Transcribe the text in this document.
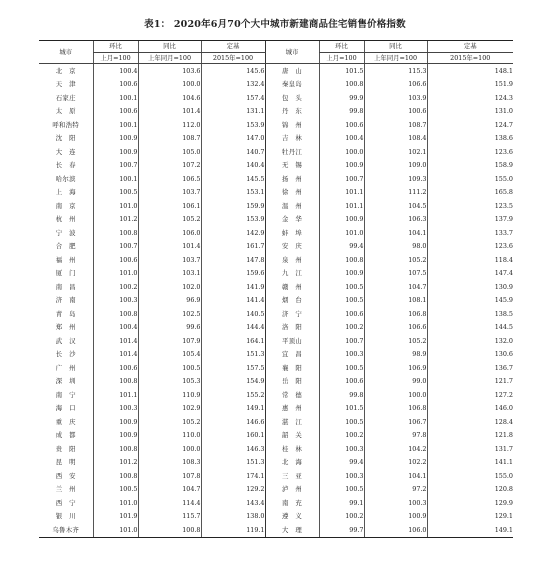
表1： 2020年6月70个大中城市新建商品住宅销售价格指数
城市	环比	同比	定基	城市	环比	同比	定基
	上月=100	上年同月=100	2015年=100		上月=100	上年同月=100	2015年=100
北　京	100.4	103.6	145.6	唐　山	101.5	115.3	148.1
天　津	100.6	100.0	132.4	秦皇岛	100.8	106.6	151.9
石家庄	100.1	104.6	157.4	包　头	99.9	103.9	124.3
太　原	100.6	101.4	131.1	丹　东	99.8	100.6	131.0
呼和浩特	100.1	112.0	153.9	锦　州	100.6	108.7	124.7
沈　阳	100.9	108.7	147.0	吉　林	100.4	108.4	138.6
大　连	100.9	105.0	140.7	牡丹江	100.0	102.1	123.6
长　春	100.7	107.2	140.4	无　锡	100.9	109.0	158.9
哈尔滨	100.1	106.5	145.5	扬　州	100.7	109.3	155.0
上　海	100.5	103.7	153.1	徐　州	101.1	111.2	165.8
南　京	101.0	106.1	159.9	温　州	101.1	104.5	123.5
杭　州	101.2	105.2	153.9	金　华	100.9	106.3	137.9
宁　波	100.8	106.0	142.9	蚌　埠	101.0	104.1	133.7
合　肥	100.7	101.4	161.7	安　庆	99.4	98.0	123.6
福　州	100.6	103.7	147.8	泉　州	100.8	105.2	118.4
厦　门	101.0	103.1	159.6	九　江	100.9	107.5	147.4
南　昌	100.2	102.0	141.9	赣　州	100.5	104.7	130.9
济　南	100.3	96.9	141.4	烟　台	100.5	108.1	145.9
青　岛	100.8	102.5	140.5	济　宁	100.6	106.8	138.5
郑　州	100.4	99.6	144.4	洛　阳	100.2	106.6	144.5
武　汉	101.4	107.9	164.1	平顶山	100.7	105.2	132.0
长　沙	101.4	105.4	151.3	宜　昌	100.3	98.9	130.6
广　州	100.6	100.5	157.5	襄　阳	100.5	106.9	136.7
深　圳	100.8	105.3	154.9	岳　阳	100.6	99.0	121.7
南　宁	101.1	110.9	155.2	常　德	99.8	100.0	127.2
海　口	100.3	102.9	149.1	惠　州	101.5	106.8	146.0
重　庆	100.9	105.2	146.6	湛　江	100.5	106.7	128.4
成　都	100.9	110.0	160.1	韶　关	100.2	97.8	121.8
贵　阳	100.8	100.0	146.3	桂　林	100.3	104.2	131.7
昆　明	101.2	108.3	151.3	北　海	99.4	102.2	141.1
西　安	100.8	107.8	174.1	三　亚	100.3	104.1	155.0
兰　州	100.5	104.7	129.2	泸　州	100.5	97.2	120.8
西　宁	101.0	114.4	143.4	南　充	99.1	100.3	129.9
银　川	101.9	115.7	138.0	遵　义	100.2	100.9	129.1
乌鲁木齐	101.0	100.8	119.1	大　理	99.7	106.0	149.1
